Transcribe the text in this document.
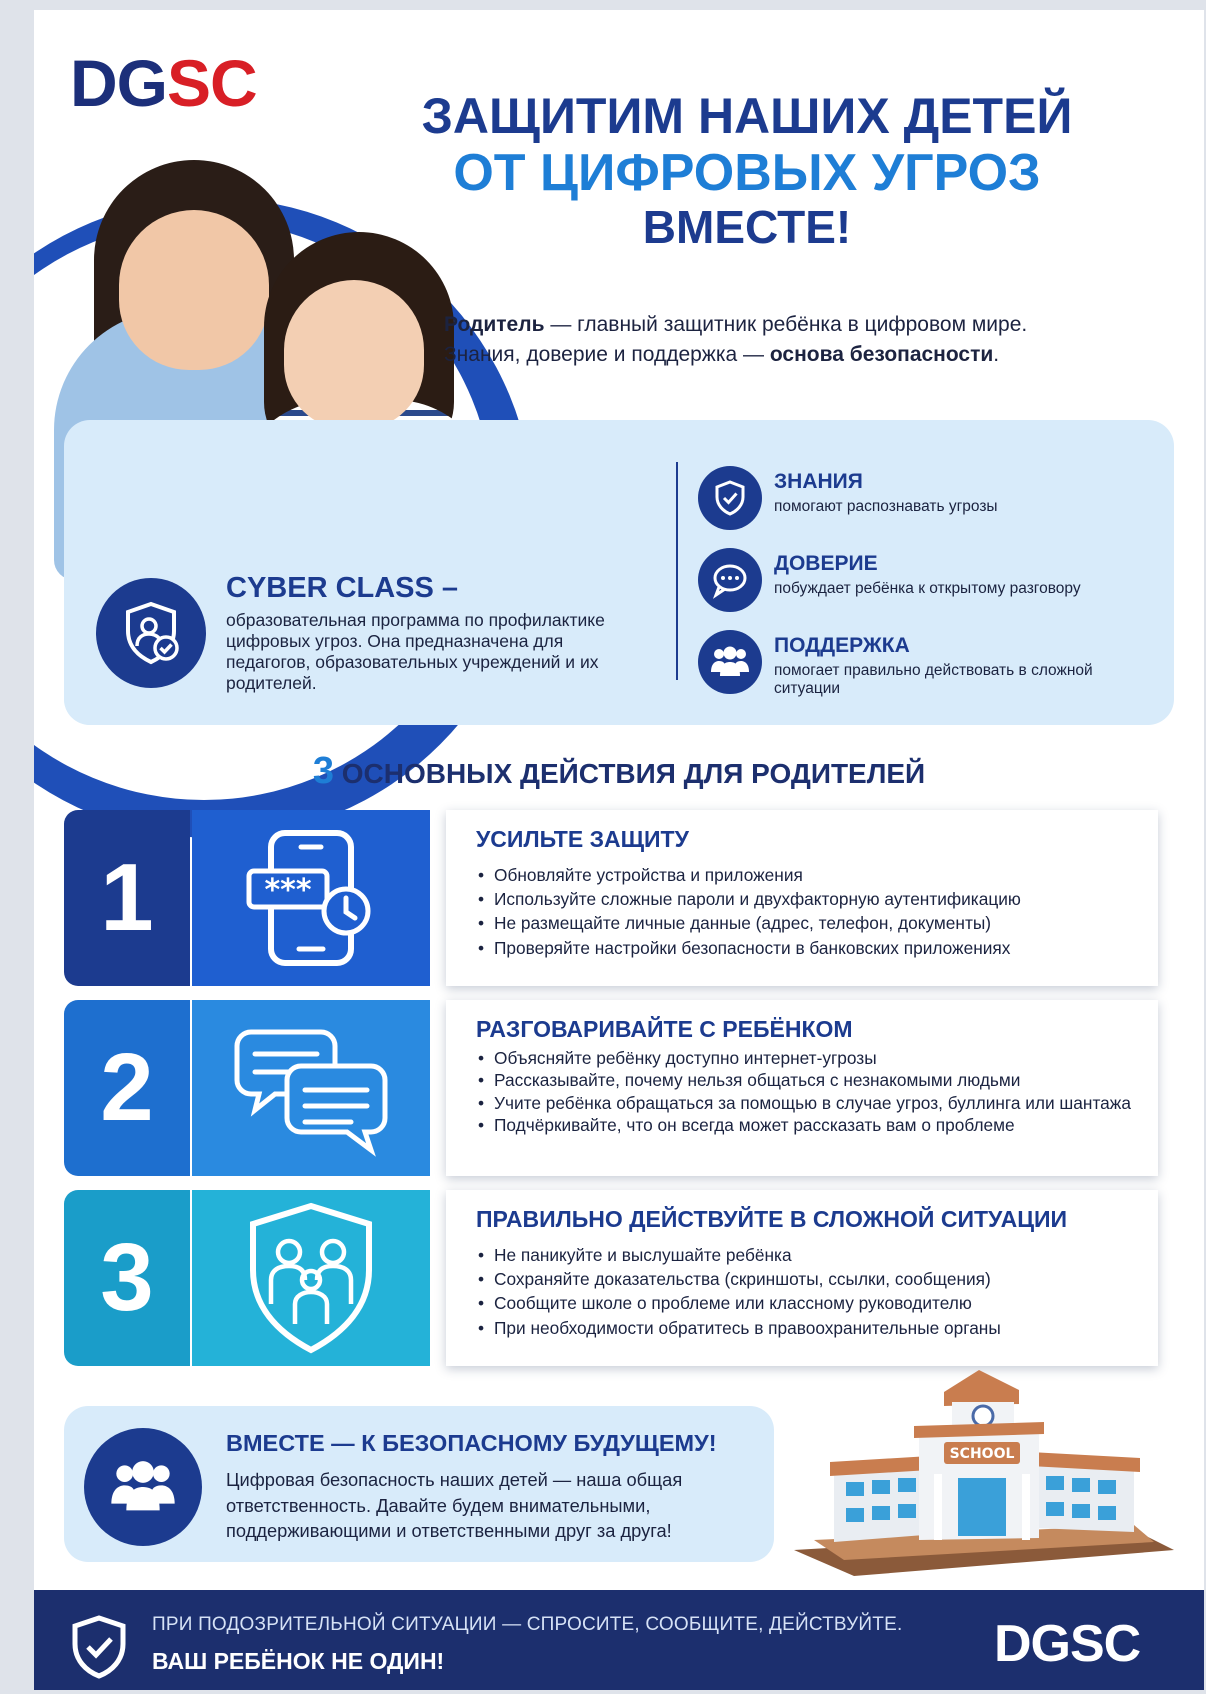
DGSC	ЗАЩИТИМ НАШИХ ДЕТЕЙ
ОТ ЦИФРОВЫХ УГРОЗ
ВМЕСТЕ!
Родитель — главный защитник ребёнка в цифровом мире.
Знания, доверие и поддержка — основа безопасности.
CYBER CLASS –
образовательная программа по профилактике цифровых угроз. Она предназначена для педагогов, образовательных учреждений и их родителей.
ЗНАНИЯ
помогают распознавать угрозы
ДОВЕРИЕ
побуждает ребёнка к открытому разговору
ПОДДЕРЖКА
помогает правильно действовать в сложной ситуации
3 ОСНОВНЫХ ДЕЙСТВИЯ ДЛЯ РОДИТЕЛЕЙ
1	***
УСИЛЬТЕ ЗАЩИТУ
• Обновляйте устройства и приложения
• Используйте сложные пароли и двухфакторную аутентификацию
• Не размещайте личные данные (адрес, телефон, документы)
• Проверяйте настройки безопасности в банковских приложениях
2
РАЗГОВАРИВАЙТЕ С РЕБЁНКОМ
• Объясняйте ребёнку доступно интернет-угрозы
• Рассказывайте, почему нельзя общаться с незнакомыми людьми
• Учите ребёнка обращаться за помощью в случае угроз, буллинга или шантажа
• Подчёркивайте, что он всегда может рассказать вам о проблеме
3
ПРАВИЛЬНО ДЕЙСТВУЙТЕ В СЛОЖНОЙ СИТУАЦИИ
• Не паникуйте и выслушайте ребёнка
• Сохраняйте доказательства (скриншоты, ссылки, сообщения)
• Сообщите школе о проблеме или классному руководителю
• При необходимости обратитесь в правоохранительные органы
ВМЕСТЕ — К БЕЗОПАСНОМУ БУДУЩЕМУ!
Цифровая безопасность наших детей — наша общая ответственность. Давайте будем внимательными, поддерживающими и ответственными друг за друга!
SCHOOL
ПРИ ПОДОЗРИТЕЛЬНОЙ СИТУАЦИИ — СПРОСИТЕ, СООБЩИТЕ, ДЕЙСТВУЙТЕ.
ВАШ РЕБЁНОК НЕ ОДИН!	DGSC
